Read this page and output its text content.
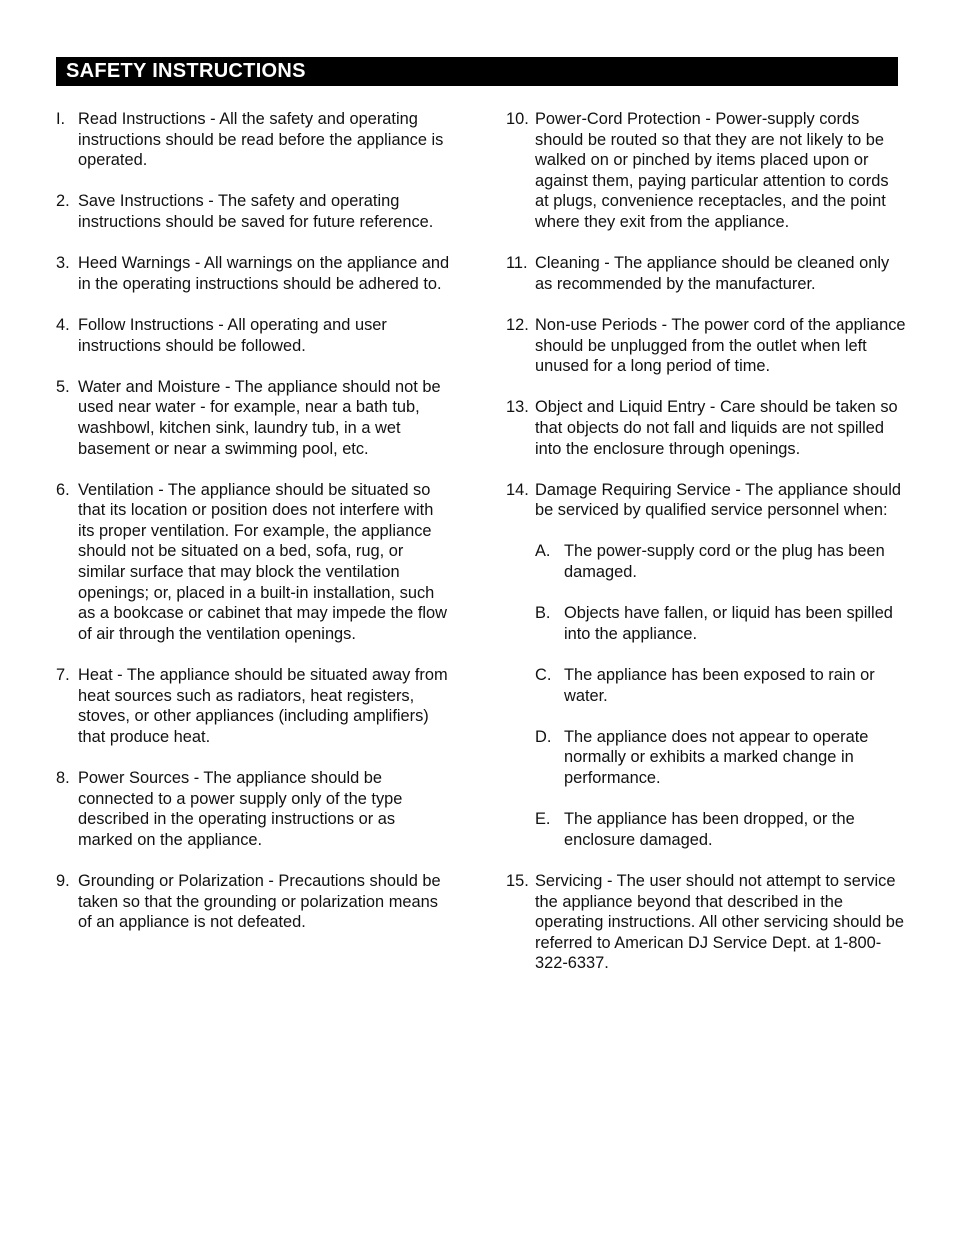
SAFETY INSTRUCTIONS
I. Read Instructions - All the safety and operating instructions should be read before the appliance is operated.
2. Save Instructions - The safety and operating instructions should be saved for future reference.
3. Heed Warnings - All warnings on the appliance and in the operating instructions should be adhered to.
4. Follow Instructions - All operating and user instructions should be followed.
5. Water and Moisture - The appliance should not be used near water - for example, near a bath tub, washbowl, kitchen sink, laundry tub, in a wet basement or near a swimming pool, etc.
6. Ventilation - The appliance should be situated so that its location or position does not interfere with its proper ventilation. For example, the appliance should not be situated on a bed, sofa, rug, or similar surface that may block the ventilation openings; or, placed in a built-in installation, such as a bookcase or cabinet that may impede the flow of air through the ventilation openings.
7. Heat - The appliance should be situated away from heat sources such as radiators, heat registers, stoves, or other appliances (including amplifiers) that produce heat.
8. Power Sources - The appliance should be connected to a power supply only of the type described in the operating instructions or as marked on the appliance.
9. Grounding or Polarization - Precautions should be taken so that the grounding or polarization means of an appliance is not defeated.
10. Power-Cord Protection - Power-supply cords should be routed so that they are not likely to be walked on or pinched by items placed upon or against them, paying particular attention to cords at plugs, convenience receptacles, and the point where they exit from the appliance.
11. Cleaning - The appliance should be cleaned only as recommended by the manufacturer.
12. Non-use Periods - The power cord of the appliance should be unplugged from the outlet when left unused for a long period of time.
13. Object and Liquid Entry - Care should be taken so that objects do not fall and liquids are not spilled into the enclosure through openings.
14. Damage Requiring Service - The appliance should be serviced by qualified service personnel when:
A. The power-supply cord or the plug has been damaged.
B. Objects have fallen, or liquid has been spilled into the appliance.
C. The appliance has been exposed to rain or water.
D. The appliance does not appear to operate normally or exhibits a marked change in performance.
E. The appliance has been dropped, or the enclosure damaged.
15. Servicing - The user should not attempt to service the appliance beyond that described in the operating instructions. All other servicing should be referred to American DJ Service Dept. at 1-800-322-6337.
